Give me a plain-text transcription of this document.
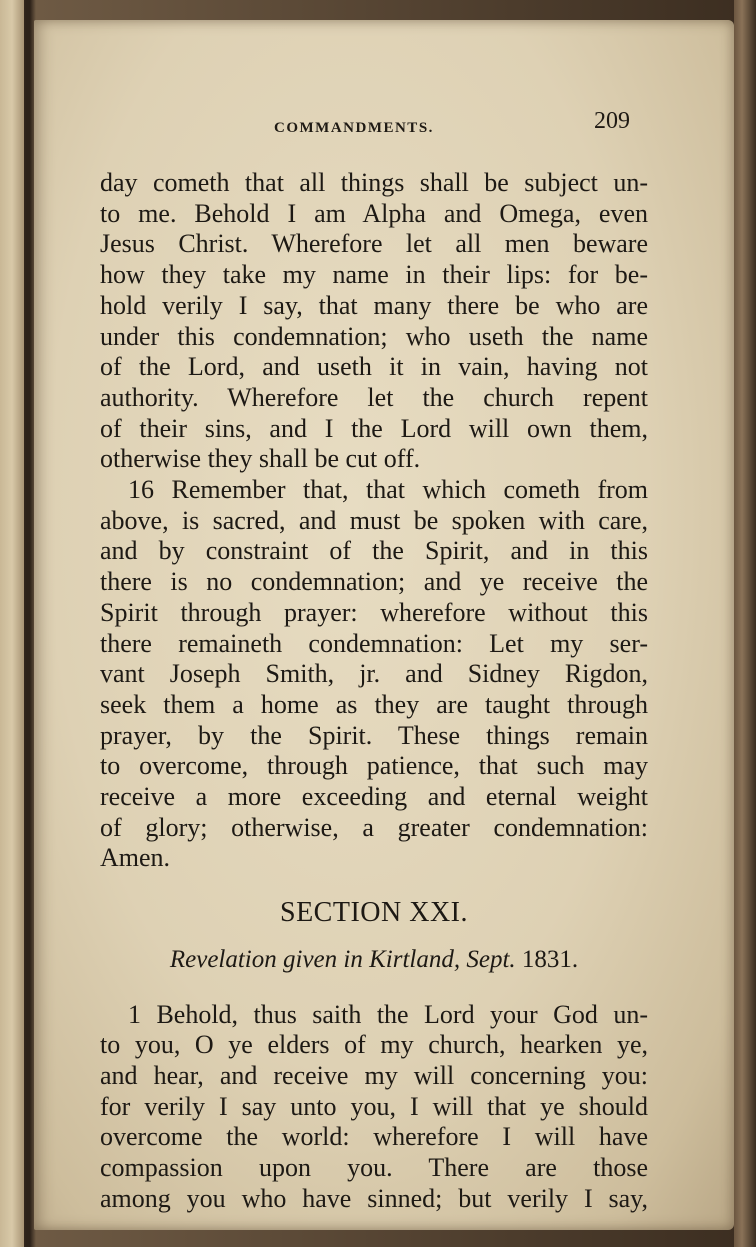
COMMANDMENTS.	209
day cometh that all things shall be subject un-
to me. Behold I am Alpha and Omega, even
Jesus Christ. Wherefore let all men beware
how they take my name in their lips: for be-
hold verily I say, that many there be who are
under this condemnation; who useth the name
of the Lord, and useth it in vain, having not
authority. Wherefore let the church repent
of their sins, and I the Lord will own them,
otherwise they shall be cut off.
16 Remember that, that which cometh from
above, is sacred, and must be spoken with care,
and by constraint of the Spirit, and in this
there is no condemnation; and ye receive the
Spirit through prayer: wherefore without this
there remaineth condemnation: Let my ser-
vant Joseph Smith, jr. and Sidney Rigdon,
seek them a home as they are taught through
prayer, by the Spirit. These things remain
to overcome, through patience, that such may
receive a more exceeding and eternal weight
of glory; otherwise, a greater condemnation:
Amen.
SECTION XXI.
Revelation given in Kirtland, Sept. 1831.
1 Behold, thus saith the Lord your God un-
to you, O ye elders of my church, hearken ye,
and hear, and receive my will concerning you:
for verily I say unto you, I will that ye should
overcome the world: wherefore I will have
compassion upon you. There are those
among you who have sinned; but verily I say,
